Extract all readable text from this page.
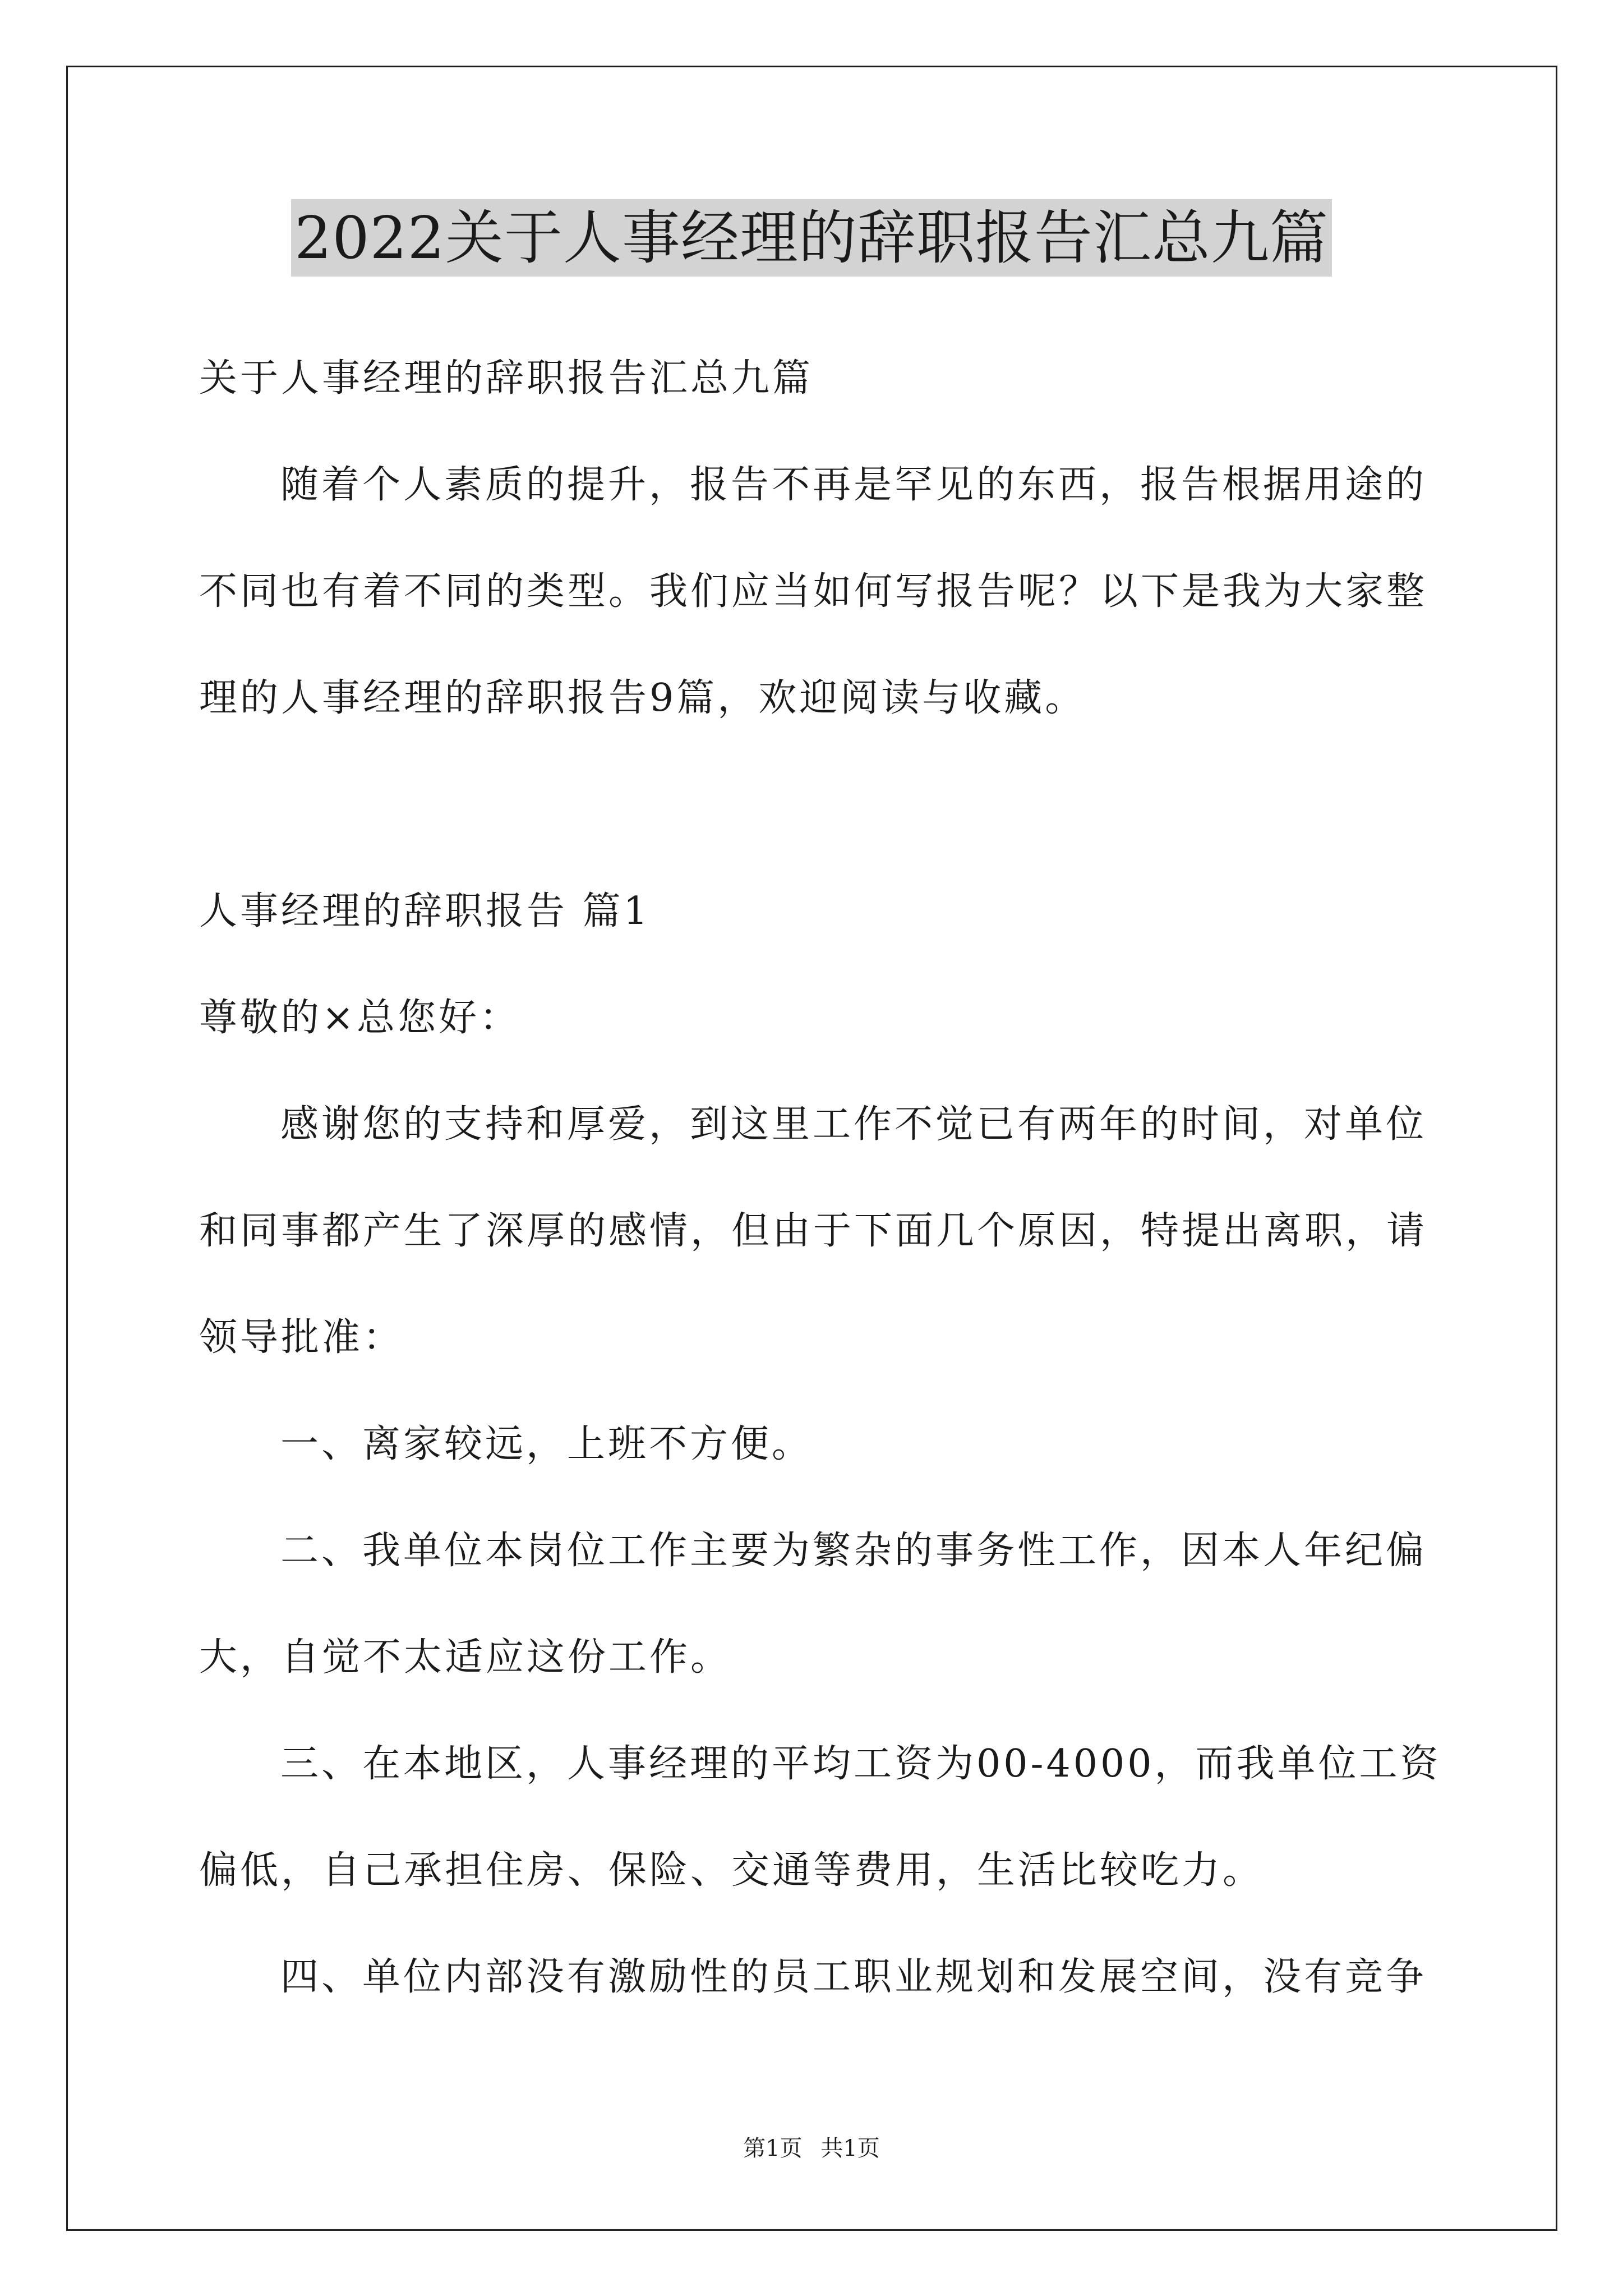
2022关于人事经理的辞职报告汇总九篇
关于人事经理的辞职报告汇总九篇
随着个人素质的提升，报告不再是罕见的东西，报告根据用途的
不同也有着不同的类型。我们应当如何写报告呢？以下是我为大家整
理的人事经理的辞职报告9篇，欢迎阅读与收藏。
人事经理的辞职报告 篇1
尊敬的×总您好：
感谢您的支持和厚爱，到这里工作不觉已有两年的时间，对单位
和同事都产生了深厚的感情，但由于下面几个原因，特提出离职，请
领导批准：
一、离家较远，上班不方便。
二、我单位本岗位工作主要为繁杂的事务性工作，因本人年纪偏
大，自觉不太适应这份工作。
三、在本地区，人事经理的平均工资为00-4000，而我单位工资
偏低，自己承担住房、保险、交通等费用，生活比较吃力。
四、单位内部没有激励性的员工职业规划和发展空间，没有竞争
第1页 共1页
